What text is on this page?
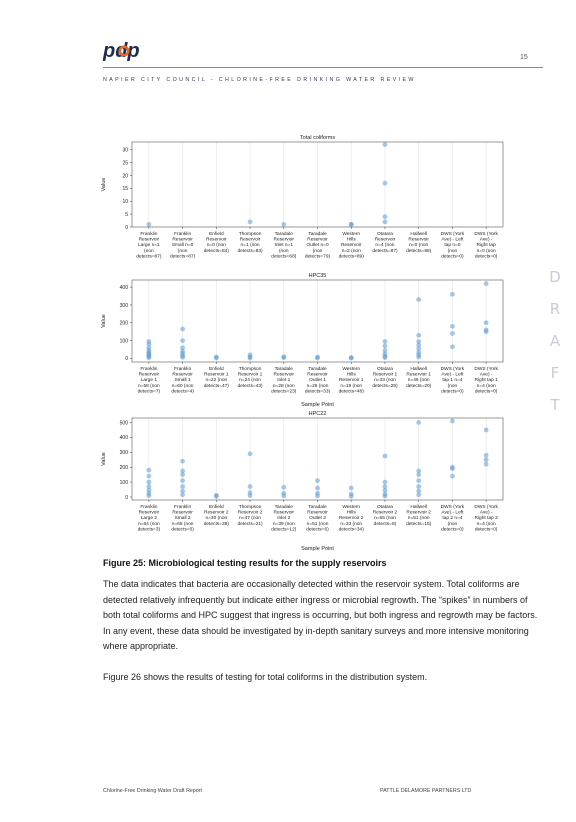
pdp	15
NAPIER CITY COUNCIL - CHLORINE-FREE DRINKING WATER REVIEW
D
R
A
F
T
Total coliforms
0
5
10
15
20
25
30
Value
Franklin Reservoir Large n=1 (non detects=87)
Franklin Reservoir Small n=0 (non detects=87)
Enfield Reservoir n=0 (non detects=84)
Thompson Reservoir n=1 (non detects=83)
Taradale Reservoir Inlet n=1 (non detects=68)
Taradale Reservoir Outlet n=0 (non detects=79)
Western Hills Reservoir n=2 (non detects=89)
Otatara Reservoir n=4 (non detects=87)
Hallwell Reservoir n=0 (non detects=88)
DWS (York Ave) - Left tap n=0 (non detects=0)
DWS (York Ave) -Right tap n=0 (non detects=0)
HPC35
0
100
200
300
400
Value
Franklin Reservoir Large 1 n=58 (non detects=7)
Franklin Reservoir Small 1 n=60 (non detects=4)
Enfield Reservoir 1 n=22 (non detects=47)
Thompson Reservoir 1 n=24 (non detects=43)
Taradale Reservoir Inlet 1 n=28 (non detects=23)
Taradale Reservoir Outlet 1 n=26 (non detects=33)
Western Hills Reservoir 1 n=19 (non detects=48)
Otatara Reservoir 1 n=33 (non detects=29)
Hallwell Reservoir 1 n=46 (non detects=20)
DWS (York Ave) - Left tap 1 n=4 (non detects=0)
DWS (York Ave) -Right tap 1 n=4 (non detects=0)
Sample Point
HPC22
0
100
200
300
400
500
Value
Franklin Reservoir Large 2 n=64 (non detects=3)
Franklin Reservoir Small 2 n=65 (non detects=0)
Enfield Reservoir 2 n=30 (non detects=39)
Thompson Reservoir 2 n=47 (non detects=21)
Taradale Reservoir Inlet 2 n=39 (non detects=12)
Taradale Reservoir Outlet 2 n=51 (non detects=6)
Western Hills Reservoir 2 n=33 (non detects=34)
Otatara Reservoir 2 n=55 (non detects=8)
Hallwell Reservoir 2 n=51 (non detects=15)
DWS (York Ave) - Left tap 2 n=4 (non detects=0)
DWS (York Ave) -Right tap 2 n=4 (non detects=0)
Sample Point
Figure 25: Microbiological testing results for the supply reservoirs

The data indicates that bacteria are occasionally detected within the reservoir system. Total coliforms are detected relatively infrequently but indicate either ingress or microbial regrowth. The “spikes” in numbers of both total coliforms and HPC suggest that ingress is occurring, but both ingress and regrowth may be factors. In any event, these data should be investigated by in-depth sanitary surveys and more intensive monitoring where appropriate.

Figure 26 shows the results of testing for total coliforms in the distribution system.

Chlorine-Free Drinking Water Draft Report	PATTLE DELAMORE PARTNERS LTD
